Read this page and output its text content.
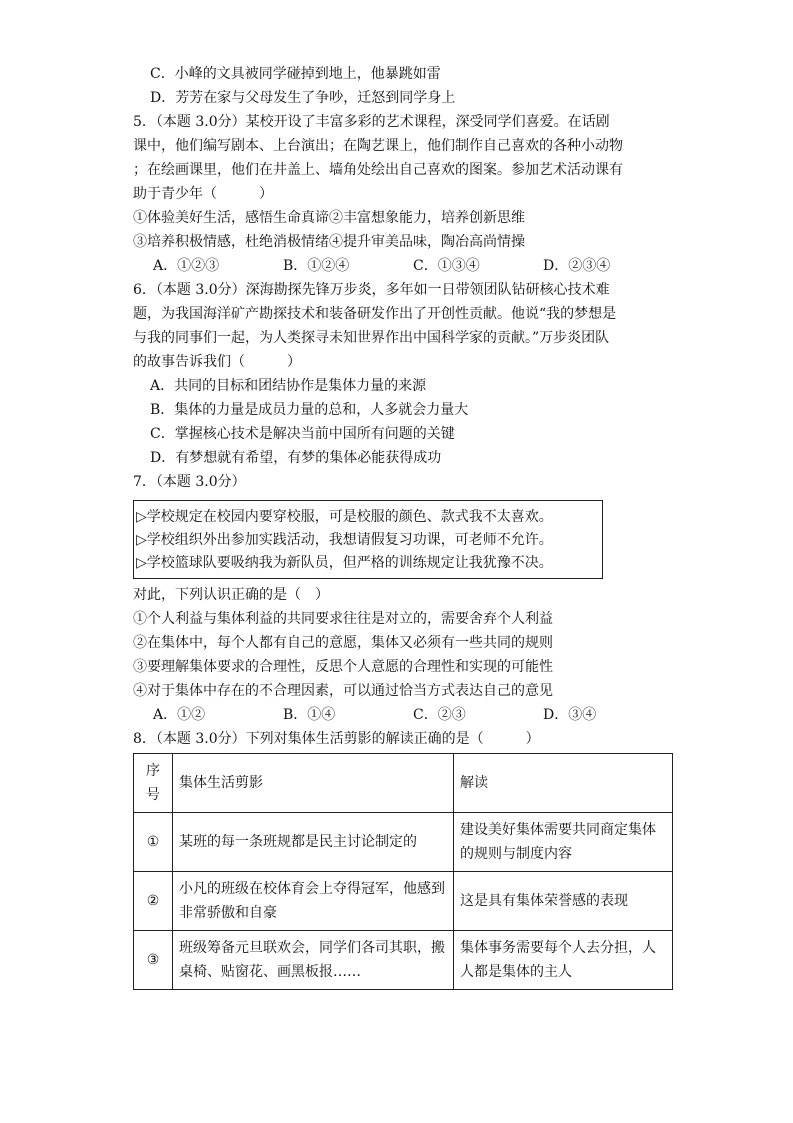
C．小峰的文具被同学碰掉到地上，他暴跳如雷
D．芳芳在家与父母发生了争吵，迁怒到同学身上
5．（本题 3.0分）某校开设了丰富多彩的艺术课程，深受同学们喜爱。在话剧
课中，他们编写剧本、上台演出；在陶艺课上，他们制作自己喜欢的各种小动物
；在绘画课里，他们在井盖上、墙角处绘出自己喜欢的图案。参加艺术活动课有
助于青少年（　　　）
①体验美好生活，感悟生命真谛②丰富想象能力，培养创新思维
③培养积极情感，杜绝消极情绪④提升审美品味，陶冶高尚情操
A．①②③	B．①②④	C．①③④	D．②③④
6．（本题 3.0分）深海勘探先锋万步炎，多年如一日带领团队钻研核心技术难
题，为我国海洋矿产勘探技术和装备研发作出了开创性贡献。他说“我的梦想是
与我的同事们一起，为人类探寻未知世界作出中国科学家的贡献。”万步炎团队
的故事告诉我们（　　　）
A．共同的目标和团结协作是集体力量的来源
B．集体的力量是成员力量的总和，人多就会力量大
C．掌握核心技术是解决当前中国所有问题的关键
D．有梦想就有希望，有梦的集体必能获得成功
7．（本题 3.0分）
▷学校规定在校园内要穿校服，可是校服的颜色、款式我不太喜欢。
▷学校组织外出参加实践活动，我想请假复习功课，可老师不允许。
▷学校篮球队要吸纳我为新队员，但严格的训练规定让我犹豫不决。
对此，下列认识正确的是（　）
①个人利益与集体利益的共同要求往往是对立的，需要舍弃个人利益
②在集体中，每个人都有自己的意愿，集体又必须有一些共同的规则
③要理解集体要求的合理性，反思个人意愿的合理性和实现的可能性
④对于集体中存在的不合理因素，可以通过恰当方式表达自己的意见
A．①②	B．①④	C．②③	D．③④
8．（本题 3.0分）下列对集体生活剪影的解读正确的是（　　　）
序号	集体生活剪影	解读
①	某班的每一条班规都是民主讨论制定的	建设美好集体需要共同商定集体的规则与制度内容
②	小凡的班级在校体育会上夺得冠军，他感到非常骄傲和自豪	这是具有集体荣誉感的表现
③	班级筹备元旦联欢会，同学们各司其职，搬桌椅、贴窗花、画黑板报……	集体事务需要每个人去分担，人人都是集体的主人
